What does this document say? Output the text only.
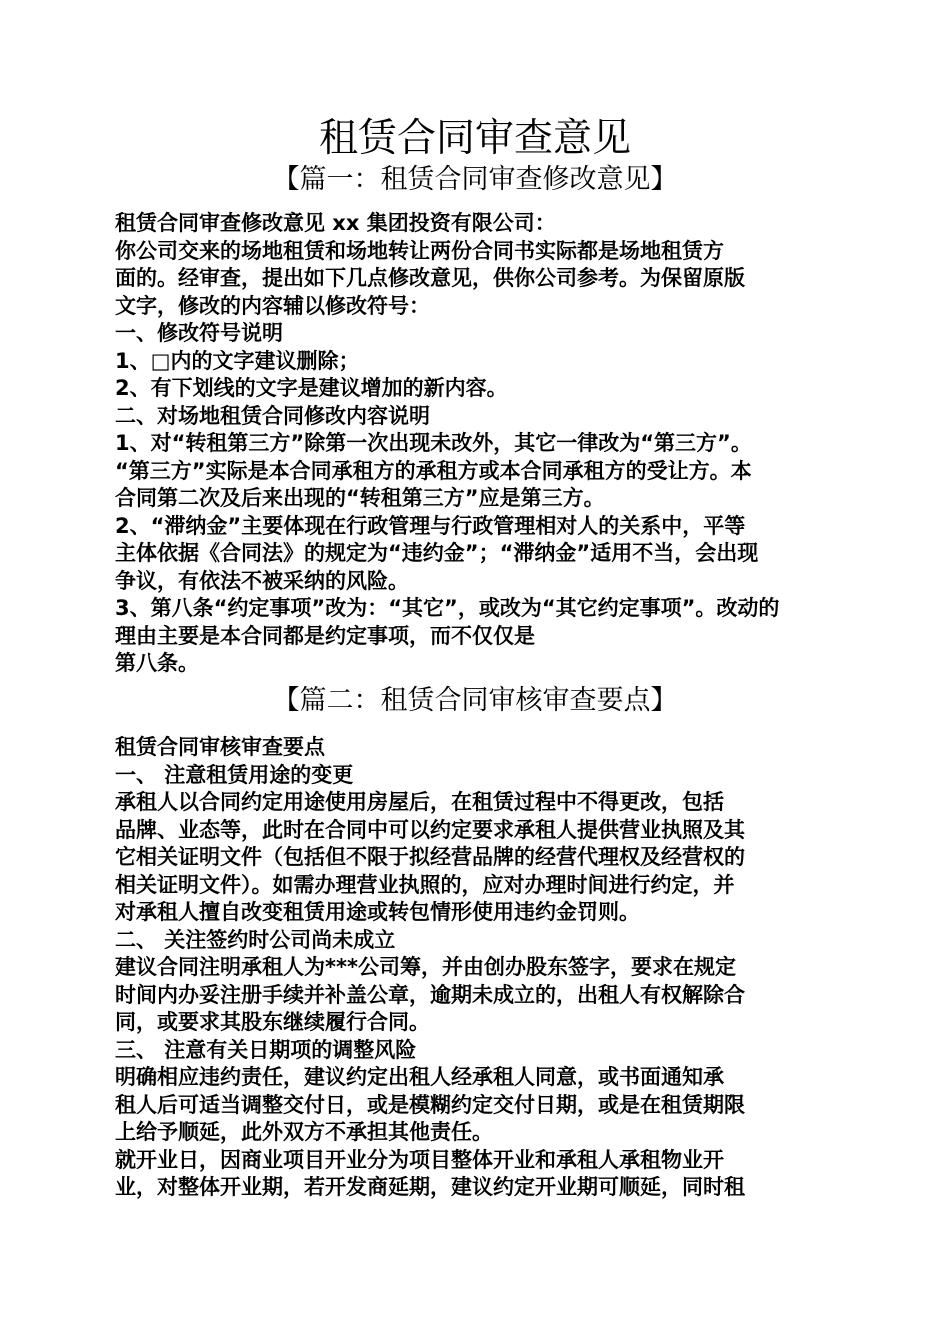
租赁合同审查意见
【篇一：租赁合同审查修改意见】
租赁合同审查修改意见 xx 集团投资有限公司：
你公司交来的场地租赁和场地转让两份合同书实际都是场地租赁方
面的。经审查，提出如下几点修改意见，供你公司参考。为保留原版
文字，修改的内容辅以修改符号：
一、修改符号说明
1、□内的文字建议删除；
2、有下划线的文字是建议增加的新内容。
二、对场地租赁合同修改内容说明
1、对“转租第三方”除第一次出现未改外，其它一律改为“第三方”。
“第三方”实际是本合同承租方的承租方或本合同承租方的受让方。本
合同第二次及后来出现的“转租第三方”应是第三方。
2、“滞纳金”主要体现在行政管理与行政管理相对人的关系中，平等
主体依据《合同法》的规定为“违约金”；“滞纳金”适用不当，会出现
争议，有依法不被采纳的风险。
3、第八条“约定事项”改为：“其它”，或改为“其它约定事项”。改动的
理由主要是本合同都是约定事项，而不仅仅是
第八条。
【篇二：租赁合同审核审查要点】
租赁合同审核审查要点
一、 注意租赁用途的变更
承租人以合同约定用途使用房屋后，在租赁过程中不得更改，包括
品牌、业态等，此时在合同中可以约定要求承租人提供营业执照及其
它相关证明文件（包括但不限于拟经营品牌的经营代理权及经营权的
相关证明文件）。如需办理营业执照的，应对办理时间进行约定，并
对承租人擅自改变租赁用途或转包情形使用违约金罚则。
二、 关注签约时公司尚未成立
建议合同注明承租人为***公司筹，并由创办股东签字，要求在规定
时间内办妥注册手续并补盖公章，逾期未成立的，出租人有权解除合
同，或要求其股东继续履行合同。
三、 注意有关日期项的调整风险
明确相应违约责任，建议约定出租人经承租人同意，或书面通知承
租人后可适当调整交付日，或是模糊约定交付日期，或是在租赁期限
上给予顺延，此外双方不承担其他责任。
就开业日，因商业项目开业分为项目整体开业和承租人承租物业开
业，对整体开业期，若开发商延期，建议约定开业期可顺延，同时租
